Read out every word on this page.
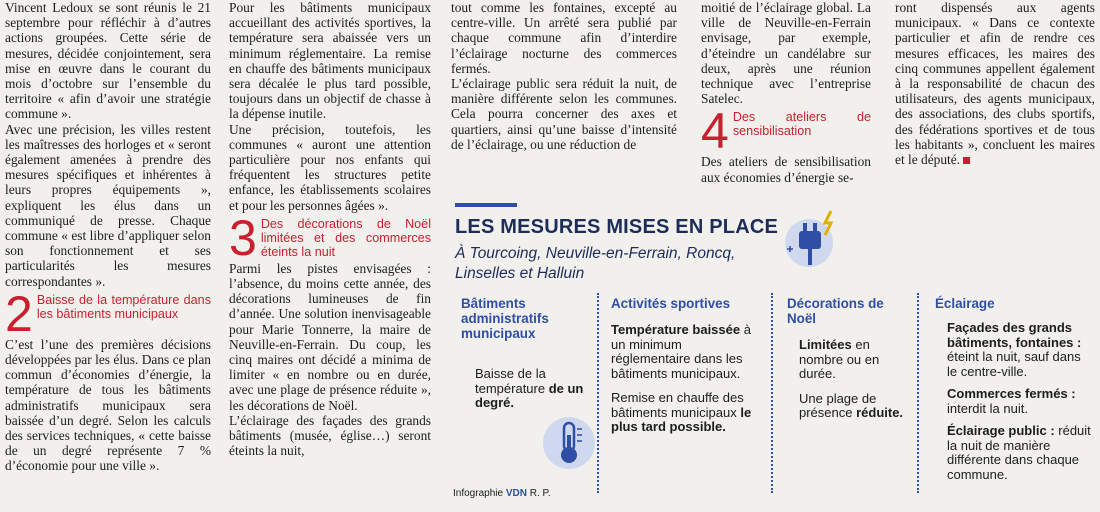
Vincent Ledoux se sont réunis le 21 septembre pour réfléchir à d’autres actions groupées. Cette série de mesures, décidée conjointement, sera mise en œuvre dans le courant du mois d’octobre sur l’ensemble du territoire « afin d’avoir une stratégie commune ».

Avec une précision, les villes restent les maîtresses des horloges et « seront également amenées à prendre des mesures spécifiques et inhérentes à leurs propres équipements », expliquent les élus dans un communiqué de presse. Chaque commune « est libre d’appliquer selon son fonctionnement et ses particularités les mesures correspondantes ».

2 Baisse de la température dans les bâtiments municipaux

C’est l’une des premières décisions développées par les élus. Dans ce plan commun d’économies d’énergie, la température de tous les bâtiments administratifs municipaux sera baissée d’un degré. Selon les calculs des services techniques, « cette baisse de un degré représente 7 % d’économie pour une ville ».

Pour les bâtiments municipaux accueillant des activités sportives, la température sera abaissée vers un minimum réglementaire. La remise en chauffe des bâtiments municipaux sera décalée le plus tard possible, toujours dans un objectif de chasse à la dépense inutile.

Une précision, toutefois, les communes « auront une attention particulière pour nos enfants qui fréquentent les structures petite enfance, les établissements scolaires et pour les personnes âgées ».

3 Des décorations de Noël limitées et des commerces éteints la nuit

Parmi les pistes envisagées : l’absence, du moins cette année, des décorations lumineuses de fin d’année. Une solution inenvisageable pour Marie Tonnerre, la maire de Neuville-en-Ferrain. Du coup, les cinq maires ont décidé a minima de limiter « en nombre ou en durée, avec une plage de présence réduite », les décorations de Noël.

L’éclairage des façades des grands bâtiments (musée, église…) seront éteints la nuit,

tout comme les fontaines, excepté au centre-ville. Un arrêté sera publié par chaque commune afin d’interdire l’éclairage nocturne des commerces fermés.

L’éclairage public sera réduit la nuit, de manière différente selon les communes. Cela pourra concerner des axes et quartiers, ainsi qu’une baisse d’intensité de l’éclairage, ou une réduction de

moitié de l’éclairage global. La ville de Neuville-en-Ferrain envisage, par exemple, d’éteindre un candélabre sur deux, après une réunion technique avec l’entreprise Satelec.

4 Des ateliers de sensibilisation

Des ateliers de sensibilisation aux économies d’énergie se-

ront dispensés aux agents municipaux. « Dans ce contexte particulier et afin de rendre ces mesures efficaces, les maires des cinq communes appellent également à la responsabilité de chacun des utilisateurs, des agents municipaux, des associations, des clubs sportifs, des fédérations sportives et de tous les habitants », concluent les maires et le député.

LES MESURES MISES EN PLACE
À Tourcoing, Neuville-en-Ferrain, Roncq, Linselles et Halluin
Bâtiments administratifs municipaux
Baisse de la température de un degré.
Activités sportives
Température baissée à un minimum réglementaire dans les bâtiments municipaux.
Remise en chauffe des bâtiments municipaux le plus tard possible.
Décorations de Noël
Limitées en nombre ou en durée.
Une plage de présence réduite.
Éclairage
Façades des grands bâtiments, fontaines : éteint la nuit, sauf dans le centre-ville.
Commerces fermés : interdit la nuit.
Éclairage public : réduit la nuit de manière différente dans chaque commune.
Infographie VDN R. P.
